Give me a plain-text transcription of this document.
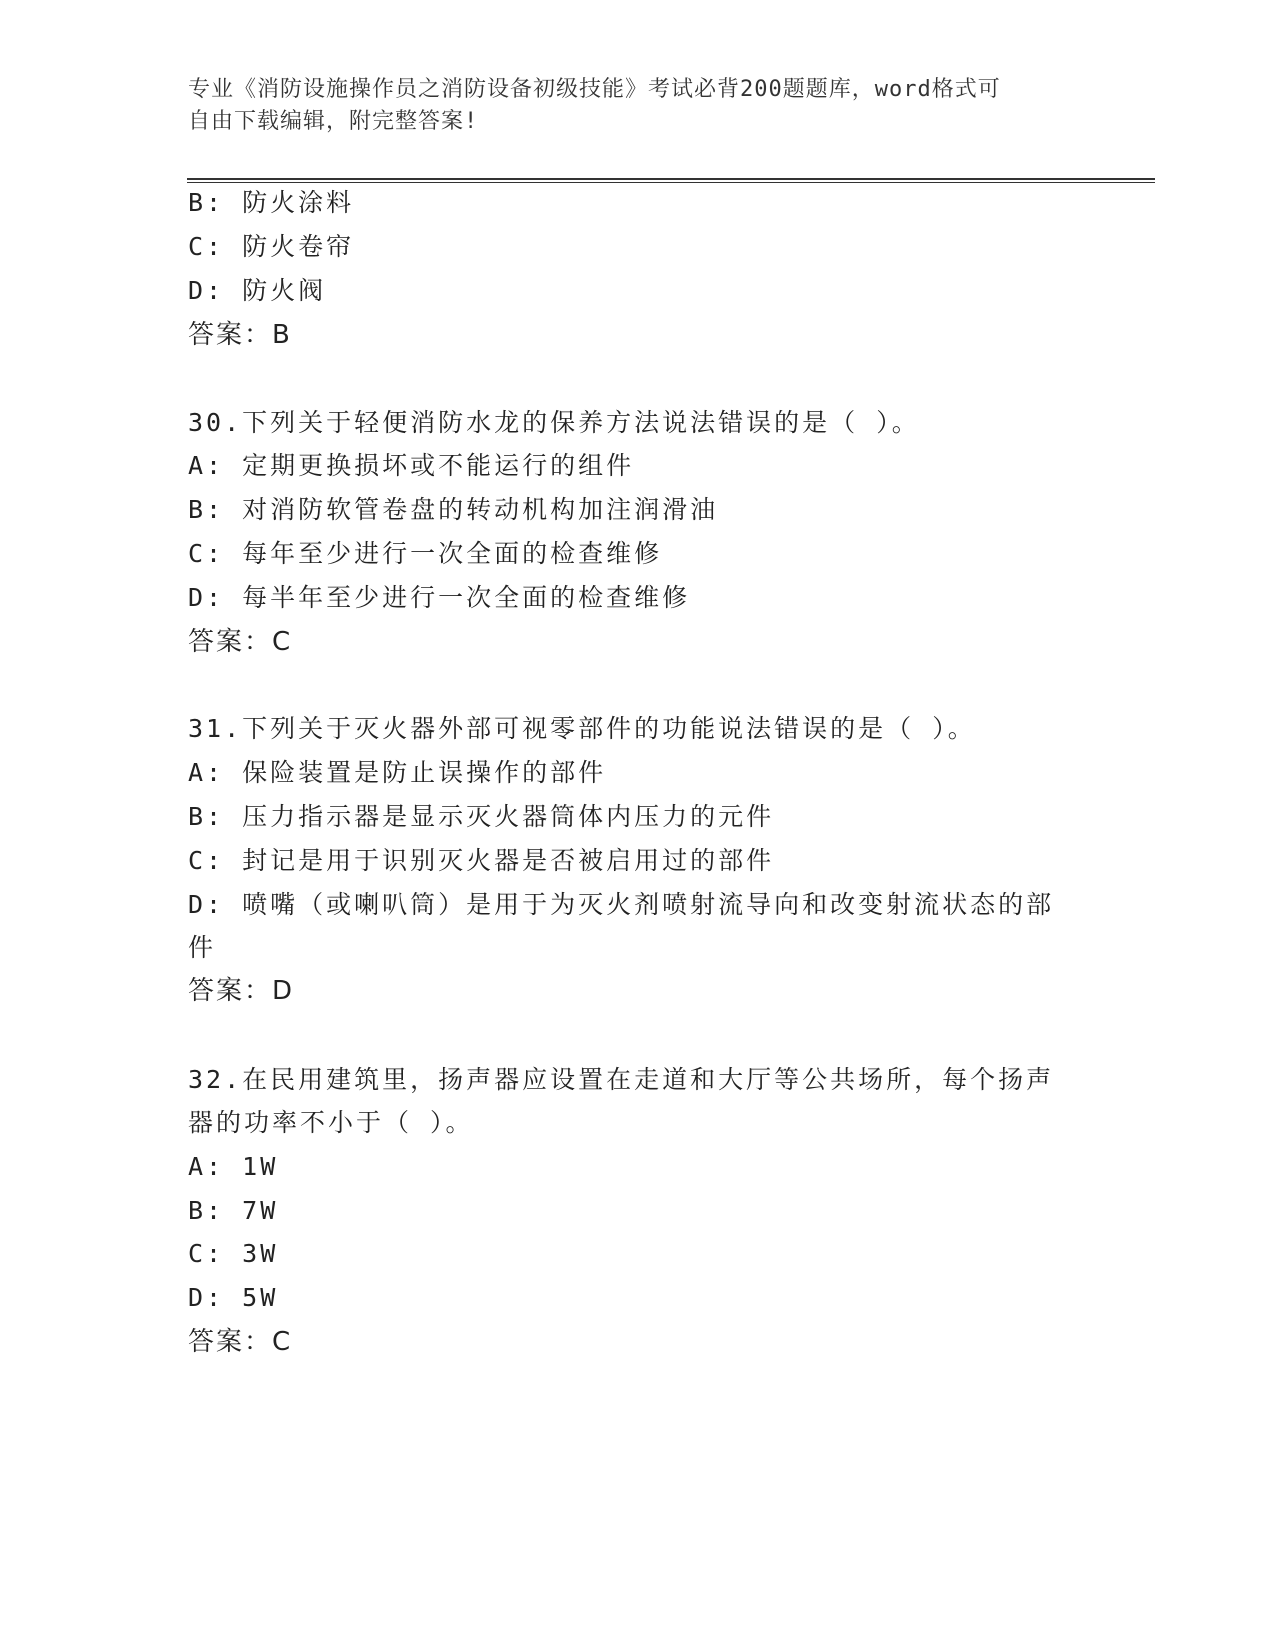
专业《消防设施操作员之消防设备初级技能》考试必背200题题库，word格式可
自由下载编辑，附完整答案!
B: 防火涂料
C: 防火卷帘
D: 防火阀
答案：B
30.下列关于轻便消防水龙的保养方法说法错误的是（ ）。
A: 定期更换损坏或不能运行的组件
B: 对消防软管卷盘的转动机构加注润滑油
C: 每年至少进行一次全面的检查维修
D: 每半年至少进行一次全面的检查维修
答案：C
31.下列关于灭火器外部可视零部件的功能说法错误的是（ ）。
A: 保险装置是防止误操作的部件
B: 压力指示器是显示灭火器筒体内压力的元件
C: 封记是用于识别灭火器是否被启用过的部件
D: 喷嘴（或喇叭筒）是用于为灭火剂喷射流导向和改变射流状态的部
件
答案：D
32.在民用建筑里，扬声器应设置在走道和大厅等公共场所，每个扬声
器的功率不小于（ ）。
A: 1W
B: 7W
C: 3W
D: 5W
答案：C
